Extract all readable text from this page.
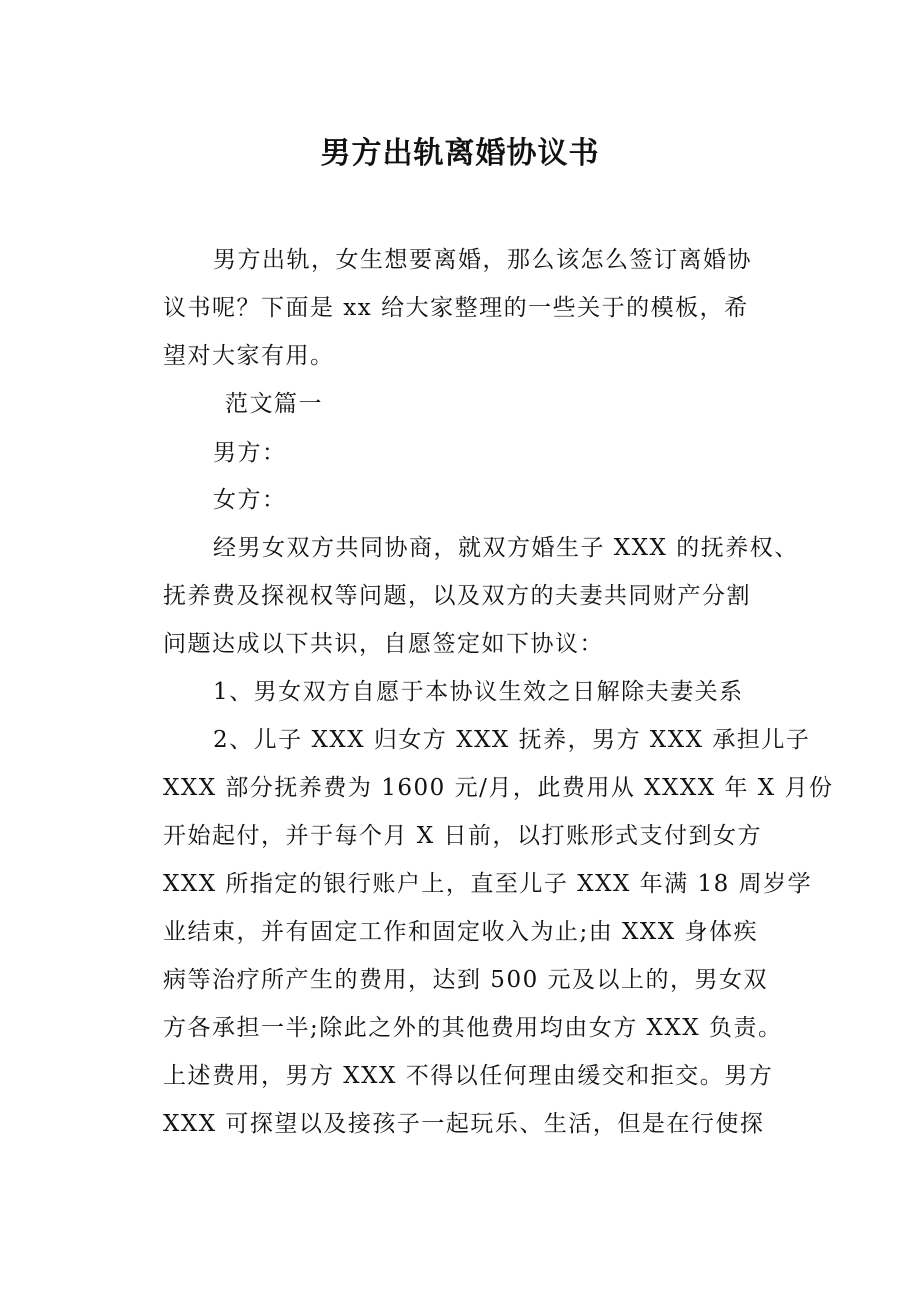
男方出轨离婚协议书
男方出轨，女生想要离婚，那么该怎么签订离婚协
议书呢？下面是 xx 给大家整理的一些关于的模板，希
望对大家有用。
范文篇一
男方：
女方：
经男女双方共同协商，就双方婚生子 XXX 的抚养权、
抚养费及探视权等问题，以及双方的夫妻共同财产分割
问题达成以下共识，自愿签定如下协议：
1、男女双方自愿于本协议生效之日解除夫妻关系
2、儿子 XXX 归女方 XXX 抚养，男方 XXX 承担儿子
XXX 部分抚养费为 1600 元/月，此费用从 XXXX 年 X 月份
开始起付，并于每个月 X 日前，以打账形式支付到女方
XXX 所指定的银行账户上，直至儿子 XXX 年满 18 周岁学
业结束，并有固定工作和固定收入为止;由 XXX 身体疾
病等治疗所产生的费用，达到 500 元及以上的，男女双
方各承担一半;除此之外的其他费用均由女方 XXX 负责。
上述费用，男方 XXX 不得以任何理由缓交和拒交。男方
XXX 可探望以及接孩子一起玩乐、生活，但是在行使探
